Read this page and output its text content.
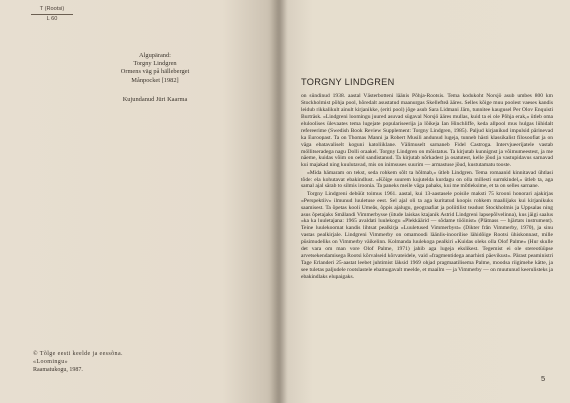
T (Rootsi)
L 60
Algupärand:
Torgny Lindgren
Ormens väg på hälleberget
Månpocket [1982]
Kujundanud Jüri Kaarma
© Tõlge eesti keelde ja eessõna. «Loomingu»
Raamatukogu, 1987.
TORGNY LINDGREN

on sündinud 1938. aastal Västerbotteni läänis Põhja-Rootsis. Tema kodukoht Norsjö asub umbes 800 km Stockholmist põhja pool, hõredalt asustatud maanurgas Skellefteå ääres. Selles kõige muu poolest vaeses kandis leidub rikkalikult ainult kirjanikke, (eriti pool) jõge asub Sara Lidmani Järn, tunnitee kaugusel Per Olov Enquisti Burträsk. «Lindgreni loomingu juured asuvad sügaval Norsjö ääres mullas, kuid ta ei ole Põhja erak,» ütleb oma eluloolises ülevaates tema lugejate populariseerija ja lõikeja Ian Hinchliffe, keda allpool mus hulgas lühidalt refereerime (Swedish Book Review Supplement: Torgny Lindgren, 1985). Paljud kirjanikud impulsid pärinevad ka Euroopast. Ta on Thomas Manni ja Robert Musili andunud lugeja, tunneb hästi klassikalist filosoofiat ja on väga ebatavaliselt koguni katoliiklane. Välimuselt sarnaneb Fidel Castroga. Intervjueerijatele vastab möllitseradega nagu Dolli oraakel. Torgny Lindgren on mõistatus. Ta kirjutab kunnignst ja võimumeestest, ja me näeme, kuidas võim on oeld sandistanud. Ta kirjutab nõrkadest ja osatutest, kelle jõud ja vastupidavus sarnavad kui majakad ning kuulutavad, mis on inimsuses suurim — armastuse jõud, kustutamatu tooste.

«Mida hämaram on tekst, seda rohkem sõlt ta hõlmab,» ütleb Lindgren. Tema romaanid kinnitavad ühtlasi tõde: ela kohutavat ebakindlust. «Kõige suurem kujutelda kurdagu on olla millesti surmkindel,» ütleb ta, aga samal ajal särab to silmis iroonia. Ta paneks meile väga pahaks, kui me mõtleksime, et ta on selles sarnane.

Torgny Lindgreni debüüt toimus 1961. aastal, kui 13-aastasele poisile maksti 75 krooni honorari ajakirjas «Perspektiiv» ilmunud luuletuse eest. Sel ajal oli ta aga kuritatud koopis rohkem maaliijaks kui kirjanikuks saamisest. Ta õpetas kooli Umeås, õppis ajalugu, geograafiat ja poliitilist teadust Stockholmis ja Uppsalas ning asus õpetajaks Smålandi Vimmerbysse (ütude laiskas ktajanik Astrid Lindgreni lapsepõlvelinna), kus jäigi saalus «ka ka luuletajana: 1965 avaldati luulekogu «Plekkäärid — sõdame tööinist» (Plätnass — hjärtats instrument). Teine luulekoomat kandis lihtsat pealkirja «Luuletused Vimmerbyst» (Dikter från Vimmerby, 1970), ja sinu vastas pealkirjale. Lindgreni Vimmerby on omamoodi läänlis-inoorilise lähidõige Rootsi ühiskonnast, mille püsimudeliks on Vimmerby väikelinn. Kolmanda luulekoga pealkiri «Kuidas oleks olla Olof Palme» (Hur skulle det vara om man vore Olof Palme, 1971) jahib aga lugeja ekslikest. Tegemist ei ole stereotüüpse arvetsekendamisega Rootsi kõrvalseid kõrvateidele, vaid «fragmentidega anarhisti päevikust». Pärast peaministri Tage Erlanderi 25-aastat leebet juhtimist läksid 1969 ohjad pragmaatilisema Palme, moodsa riigimehe kätte, ja see tuletas paljudele rootslastele ebamugavalt meelde, et maailm — ja Vimmerby — on muutunud keerulisteks ja ebakindlaks elupaigaks.

5
